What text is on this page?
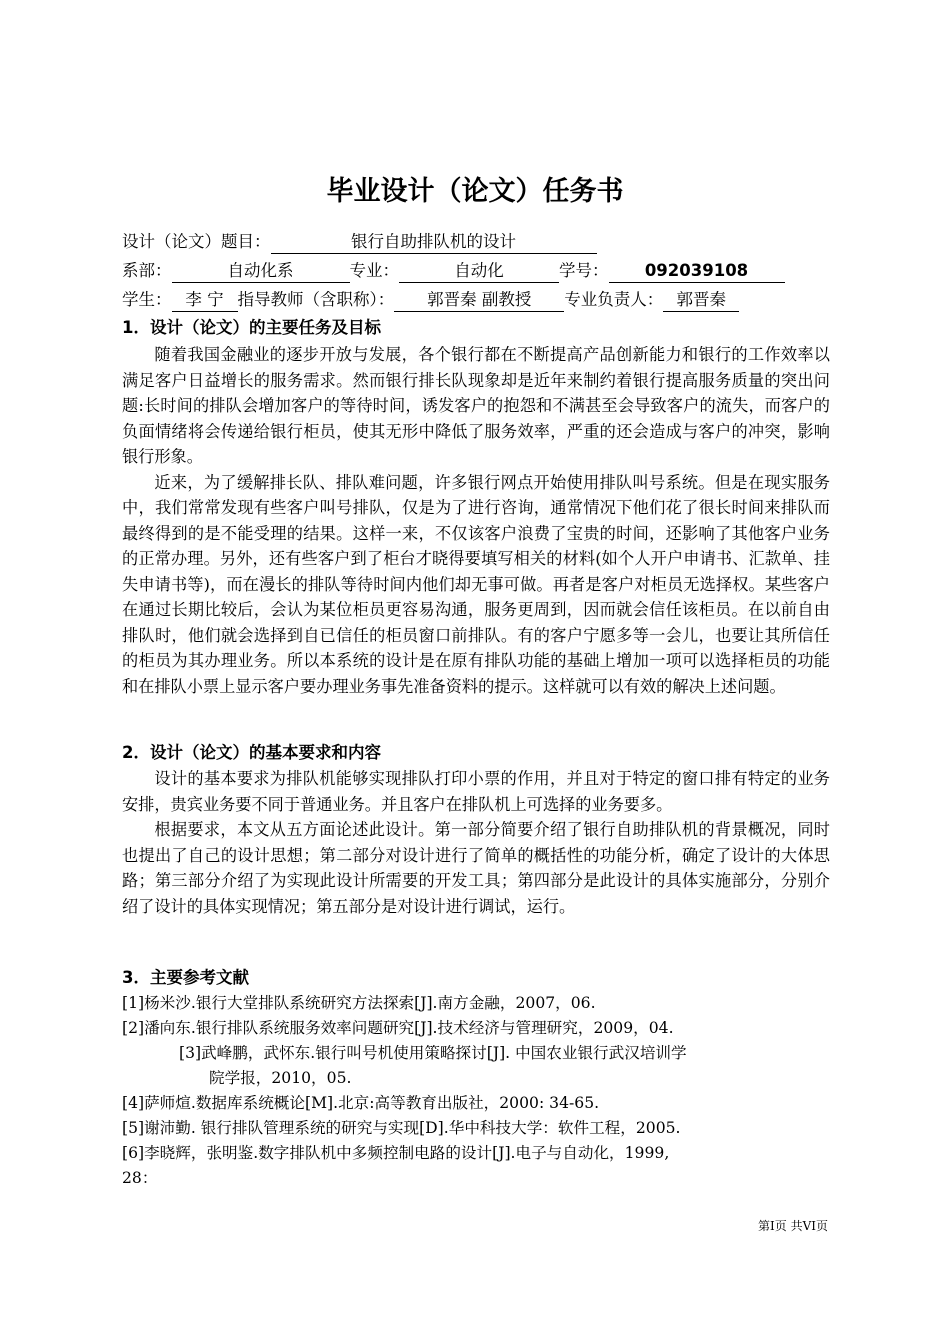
毕业设计（论文）任务书
设计（论文）题目：	银行自助排队机的设计
系部：	自动化系	专业：	自动化	学号： 092039108
学生： 李 宁 指导教师（含职称）： 郭晋秦 副教授 专业负责人： 郭晋秦
1．设计（论文）的主要任务及目标

随着我国金融业的逐步开放与发展，各个银行都在不断提高产品创新能力和银行的工作效率以满足客户日益增长的服务需求。然而银行排长队现象却是近年来制约着银行提高服务质量的突出问题:长时间的排队会增加客户的等待时间，诱发客户的抱怨和不满甚至会导致客户的流失，而客户的负面情绪将会传递给银行柜员，使其无形中降低了服务效率，严重的还会造成与客户的冲突，影响银行形象。

近来，为了缓解排长队、排队难问题，许多银行网点开始使用排队叫号系统。但是在现实服务中，我们常常发现有些客户叫号排队，仅是为了进行咨询，通常情况下他们花了很长时间来排队而最终得到的是不能受理的结果。这样一来，不仅该客户浪费了宝贵的时间，还影响了其他客户业务的正常办理。另外，还有些客户到了柜台才晓得要填写相关的材料(如个人开户申请书、汇款单、挂失申请书等)，而在漫长的排队等待时间内他们却无事可做。再者是客户对柜员无选择权。某些客户在通过长期比较后，会认为某位柜员更容易沟通，服务更周到，因而就会信任该柜员。在以前自由排队时，他们就会选择到自已信任的柜员窗口前排队。有的客户宁愿多等一会儿，也要让其所信任的柜员为其办理业务。所以本系统的设计是在原有排队功能的基础上增加一项可以选择柜员的功能和在排队小票上显示客户要办理业务事先准备资料的提示。这样就可以有效的解决上述问题。

2．设计（论文）的基本要求和内容

设计的基本要求为排队机能够实现排队打印小票的作用，并且对于特定的窗口排有特定的业务安排，贵宾业务要不同于普通业务。并且客户在排队机上可选择的业务要多。

根据要求，本文从五方面论述此设计。第一部分简要介绍了银行自助排队机的背景概况，同时也提出了自己的设计思想；第二部分对设计进行了简单的概括性的功能分析，确定了设计的大体思路；第三部分介绍了为实现此设计所需要的开发工具；第四部分是此设计的具体实施部分，分别介绍了设计的具体实现情况；第五部分是对设计进行调试，运行。

3．主要参考文献
[1]杨米沙.银行大堂排队系统研究方法探索[J].南方金融，2007，06.
[2]潘向东.银行排队系统服务效率问题研究[J].技术经济与管理研究，2009，04.
[3]武峰鹏，武怀东.银行叫号机使用策略探讨[J]. 中国农业银行武汉培训学
院学报，2010，05.
[4]萨师煊.数据库系统概论[M].北京:高等教育出版社，2000: 34-65.
[5]谢沛勤. 银行排队管理系统的研究与实现[D].华中科技大学：软件工程，2005.
[6]李晓辉，张明鉴.数字排队机中多频控制电路的设计[J].电子与自动化，1999,
28：
第I页 共VI页
